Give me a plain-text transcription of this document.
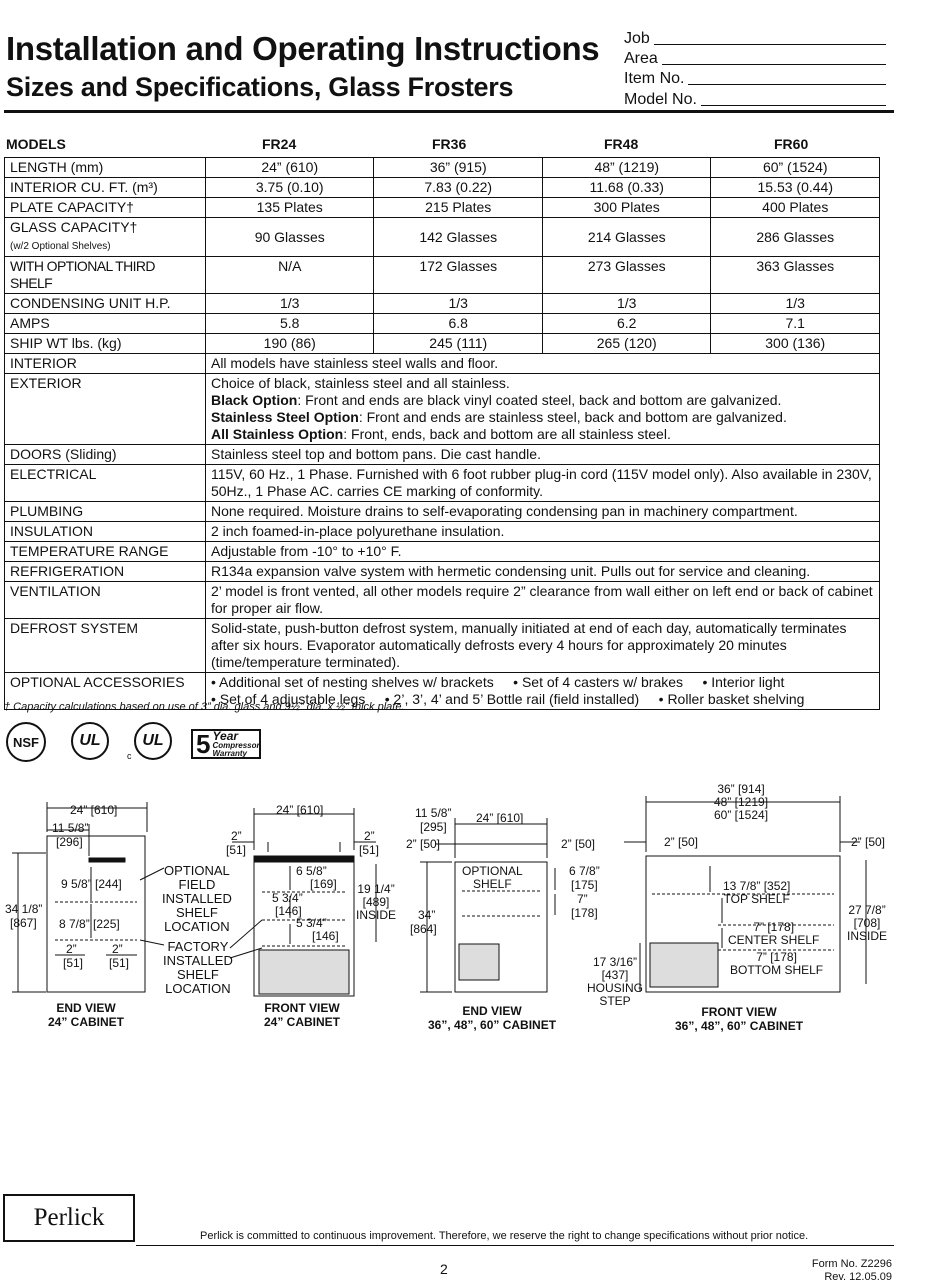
Installation and Operating Instructions
Sizes and Specifications, Glass Frosters
Job
Area
Item No.
Model No.
MODELS	FR24	FR36	FR48	FR60
LENGTH (mm)	24” (610)	36” (915)	48” (1219)	60” (1524)
INTERIOR CU. FT. (m³)	3.75 (0.10)	7.83 (0.22)	11.68 (0.33)	15.53 (0.44)
PLATE CAPACITY†	135 Plates	215 Plates	300 Plates	400 Plates
GLASS CAPACITY†
(w/2 Optional Shelves)	90 Glasses	142 Glasses	214 Glasses	286 Glasses
WITH OPTIONAL THIRD SHELF	N/A	172 Glasses	273 Glasses	363 Glasses
CONDENSING UNIT H.P.	1/3	1/3	1/3	1/3
AMPS	5.8	6.8	6.2	7.1
SHIP WT lbs. (kg)	190 (86)	245 (111)	265 (120)	300 (136)
INTERIOR	All models have stainless steel walls and floor.			

EXTERIOR	Choice of black, stainless steel and all stainless.
Black Option: Front and ends are black vinyl coated steel, back and bottom are galvanized.
Stainless Steel Option: Front and ends are stainless steel, back and bottom are galvanized.
All Stainless Option: Front, ends, back and bottom are all stainless steel.			

DOORS (Sliding)	Stainless steel top and bottom pans. Die cast handle.			

ELECTRICAL	115V, 60 Hz., 1 Phase. Furnished with 6 foot rubber plug-in cord (115V model only). Also available in 230V, 50Hz., 1 Phase AC. carries CE marking of conformity.			

PLUMBING	None required. Moisture drains to self-evaporating condensing pan in machinery compartment.			

INSULATION	2 inch foamed-in-place polyurethane insulation.			

TEMPERATURE RANGE	Adjustable from -10° to +10° F.			

REFRIGERATION	R134a expansion valve system with hermetic condensing unit. Pulls out for service and cleaning.			

VENTILATION	2’ model is front vented, all other models require 2” clearance from wall either on left end or back of cabinet for proper air flow.			

DEFROST SYSTEM	Solid-state, push-button defrost system, manually initiated at end of each day, automatically terminates after six hours. Evaporator automatically defrosts every 4 hours for approximately 20 minutes (time/temperature terminated).			

OPTIONAL ACCESSORIES	• Additional set of nesting shelves w/ brackets     • Set of 4 casters w/ brakes     • Interior light
• Set of 4 adjustable legs     • 2’, 3’, 4’ and 5’ Bottle rail (field installed)     • Roller basket shelving			
† Capacity calculations based on use of 3” dia. glass and 9½” dia. x ½” thick plate.
NSF	UL
c
UL 5 Year
Compressor
Warranty
24” [610]
11 5/8”
[296]
34 1/8”
[867]
9 5/8” [244]
8 7/8” [225]
2”
[51]
2”
[51]
END VIEW
24” CABINET
OPTIONAL
FIELD
INSTALLED
SHELF
LOCATION
FACTORY
INSTALLED
SHELF
LOCATION
24” [610]
2”
[51]
2”
[51]
6 5/8”
[169]
5 3/4”
[146]
5 3/4”
[146]
19 1/4”
[489]
INSIDE
FRONT VIEW
24” CABINET
11 5/8”
[295]
24” [610]
2” [50]	2” [50]
OPTIONAL
SHELF
6 7/8”
[175]
7”
[178]
34”
[864]
END VIEW
36”, 48”, 60” CABINET
36” [914]
48” [1219]
60” [1524]
2” [50]	2” [50]
13 7/8” [352]
TOP SHELF
7” [178]
CENTER SHELF
7” [178]
BOTTOM SHELF
27 7/8”
[708]
INSIDE
17 3/16”
[437]
HOUSING
STEP
FRONT VIEW
36”, 48”, 60” CABINET
Perlick
Perlick is committed to continuous improvement. Therefore, we reserve the right to change specifications without prior notice.
2	Form No. Z2296
Rev. 12.05.09
